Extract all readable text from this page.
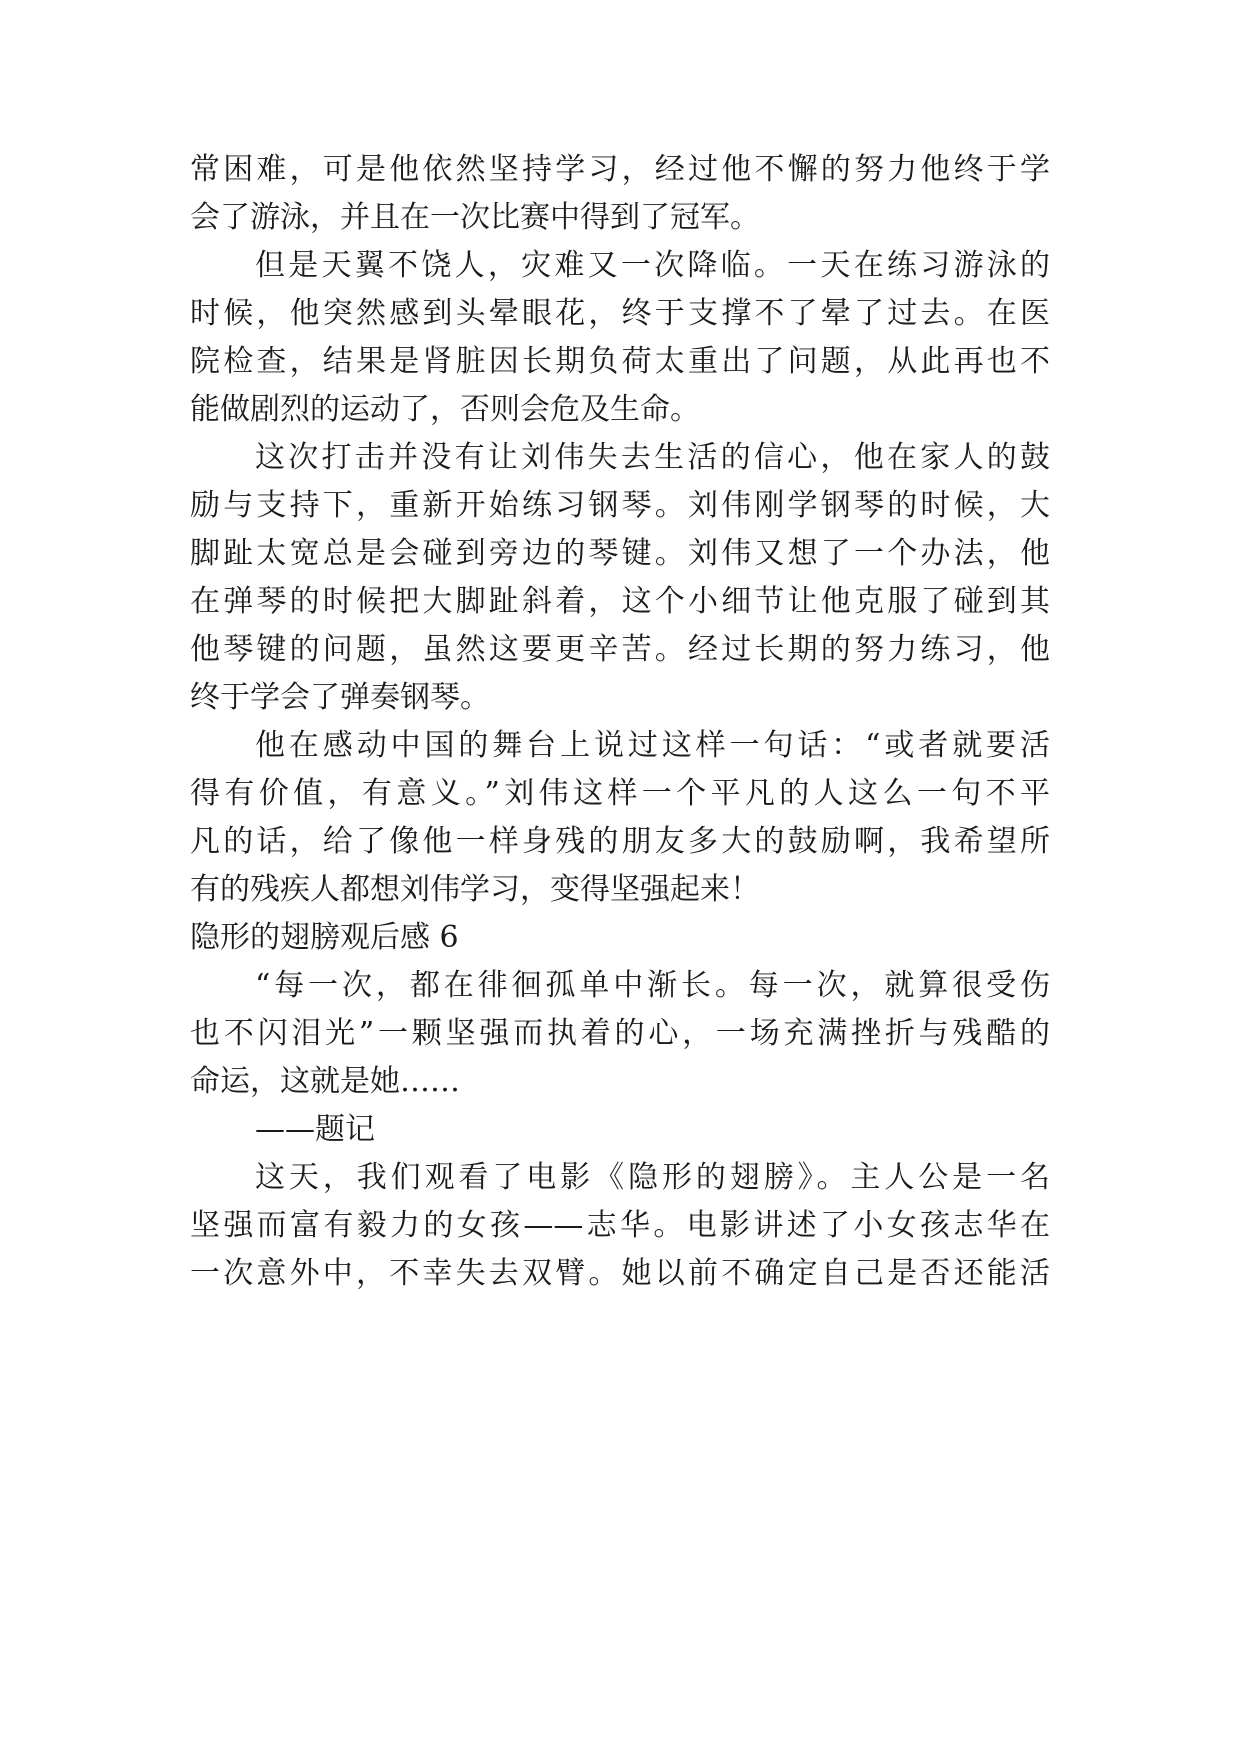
常困难，可是他依然坚持学习，经过他不懈的努力他终于学
会了游泳，并且在一次比赛中得到了冠军。
但是天翼不饶人，灾难又一次降临。一天在练习游泳的
时候，他突然感到头晕眼花，终于支撑不了晕了过去。在医
院检查，结果是肾脏因长期负荷太重出了问题，从此再也不
能做剧烈的运动了，否则会危及生命。
这次打击并没有让刘伟失去生活的信心，他在家人的鼓
励与支持下，重新开始练习钢琴。刘伟刚学钢琴的时候，大
脚趾太宽总是会碰到旁边的琴键。刘伟又想了一个办法，他
在弹琴的时候把大脚趾斜着，这个小细节让他克服了碰到其
他琴键的问题，虽然这要更辛苦。经过长期的努力练习，他
终于学会了弹奏钢琴。
他在感动中国的舞台上说过这样一句话：“或者就要活
得有价值，有意义。”刘伟这样一个平凡的人这么一句不平
凡的话，给了像他一样身残的朋友多大的鼓励啊，我希望所
有的残疾人都想刘伟学习，变得坚强起来！
隐形的翅膀观后感 6
“每一次，都在徘徊孤单中渐长。每一次，就算很受伤
也不闪泪光”一颗坚强而执着的心，一场充满挫折与残酷的
命运，这就是她……
——题记
这天，我们观看了电影《隐形的翅膀》。主人公是一名
坚强而富有毅力的女孩——志华。电影讲述了小女孩志华在
一次意外中，不幸失去双臂。她以前不确定自己是否还能活
